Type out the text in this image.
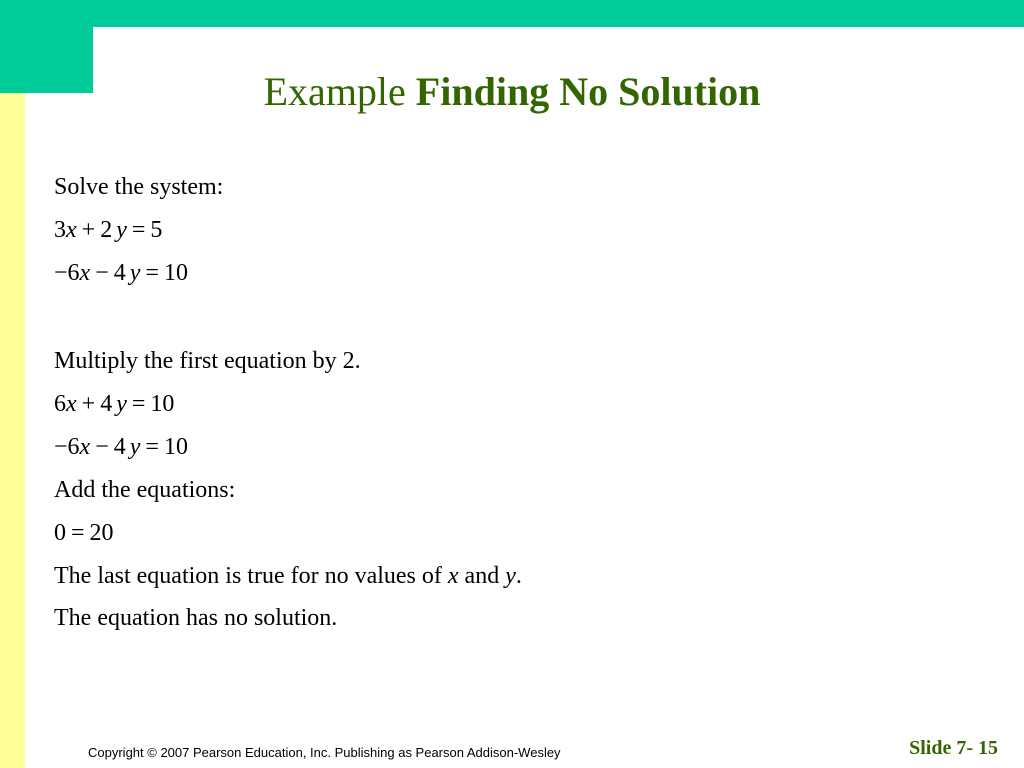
Example Finding No Solution
Solve the system:
3x + 2 y = 5
−6x − 4 y = 10
Multiply the first equation by 2.
6x + 4 y = 10
−6x − 4 y = 10
Add the equations:
0 = 20
The last equation is true for no values of x and y.
The equation has no solution.
Copyright © 2007 Pearson Education, Inc. Publishing as Pearson Addison-Wesley	Slide 7- 15
